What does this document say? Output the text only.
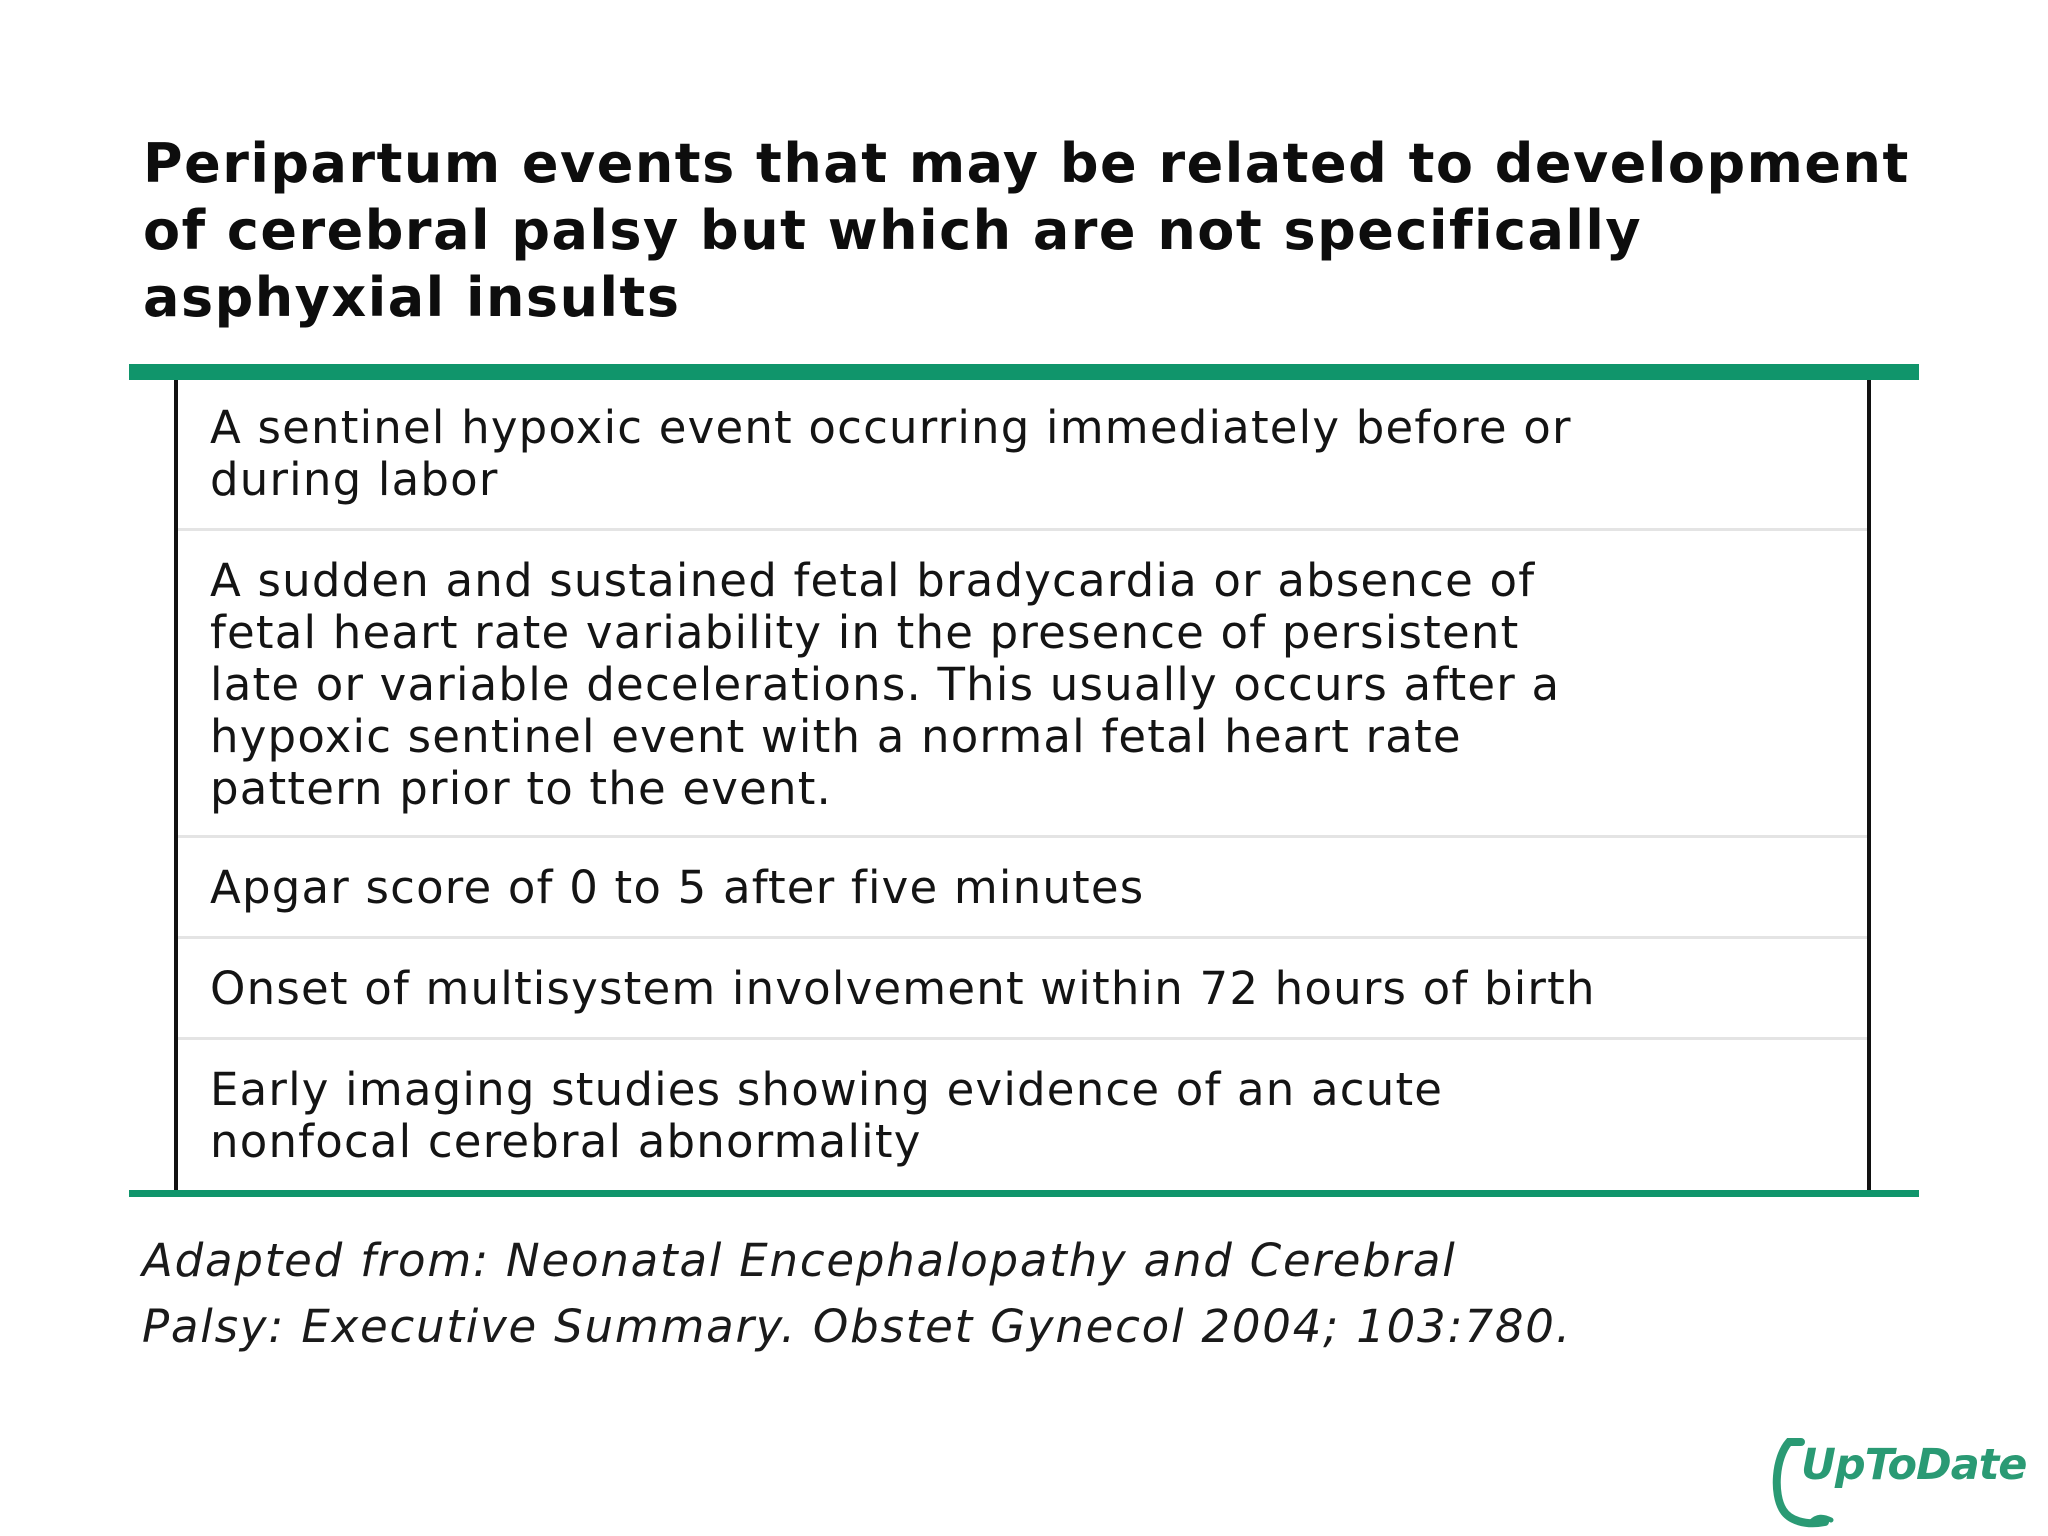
Peripartum events that may be related to development of cerebral palsy but which are not specifically asphyxial insults
A sentinel hypoxic event occurring immediately before or
during labor
A sudden and sustained fetal bradycardia or absence of
fetal heart rate variability in the presence of persistent
late or variable decelerations. This usually occurs after a
hypoxic sentinel event with a normal fetal heart rate
pattern prior to the event.
Apgar score of 0 to 5 after five minutes
Onset of multisystem involvement within 72 hours of birth
Early imaging studies showing evidence of an acute
nonfocal cerebral abnormality

Adapted from: Neonatal Encephalopathy and Cerebral
Palsy: Executive Summary. Obstet Gynecol 2004; 103:780.

UpToDate
